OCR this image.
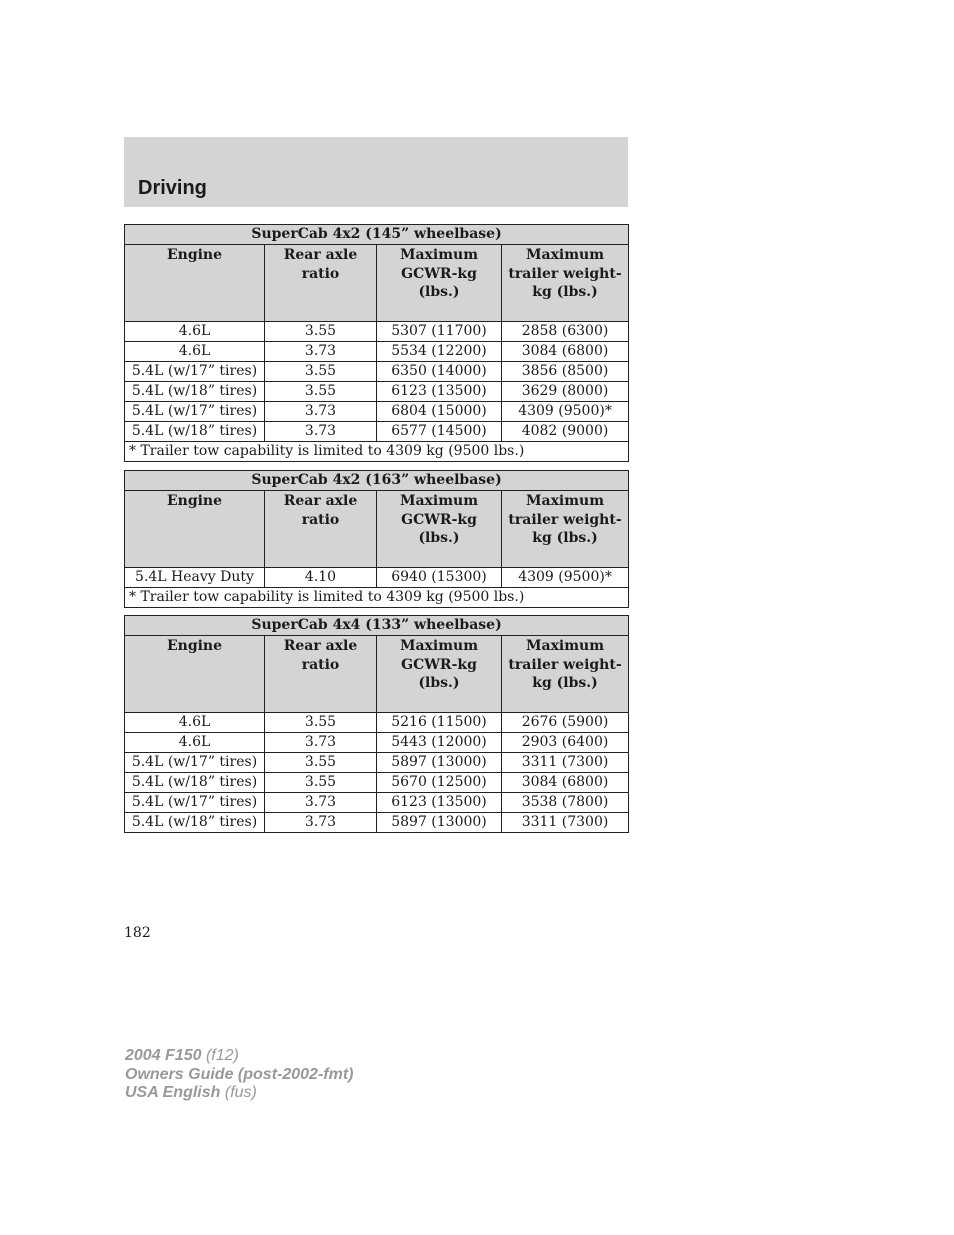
Driving
SuperCab 4x2 (145” wheelbase)			
Engine	Rear axle ratio	Maximum GCWR-kg (lbs.)	Maximum trailer weight-kg (lbs.)
4.6L	3.55	5307 (11700)	2858 (6300)
4.6L	3.73	5534 (12200)	3084 (6800)
5.4L (w/17” tires)	3.55	6350 (14000)	3856 (8500)
5.4L (w/18” tires)	3.55	6123 (13500)	3629 (8000)
5.4L (w/17” tires)	3.73	6804 (15000)	4309 (9500)*
5.4L (w/18” tires)	3.73	6577 (14500)	4082 (9000)
* Trailer tow capability is limited to 4309 kg (9500 lbs.)			
SuperCab 4x2 (163” wheelbase)			
Engine	Rear axle ratio	Maximum GCWR-kg (lbs.)	Maximum trailer weight-kg (lbs.)
5.4L Heavy Duty	4.10	6940 (15300)	4309 (9500)*
* Trailer tow capability is limited to 4309 kg (9500 lbs.)			
SuperCab 4x4 (133” wheelbase)			
Engine	Rear axle ratio	Maximum GCWR-kg (lbs.)	Maximum trailer weight-kg (lbs.)
4.6L	3.55	5216 (11500)	2676 (5900)
4.6L	3.73	5443 (12000)	2903 (6400)
5.4L (w/17” tires)	3.55	5897 (13000)	3311 (7300)
5.4L (w/18” tires)	3.55	5670 (12500)	3084 (6800)
5.4L (w/17” tires)	3.73	6123 (13500)	3538 (7800)
5.4L (w/18” tires)	3.73	5897 (13000)	3311 (7300)
182
2004 F150 (f12)
Owners Guide (post-2002-fmt)
USA English (fus)
